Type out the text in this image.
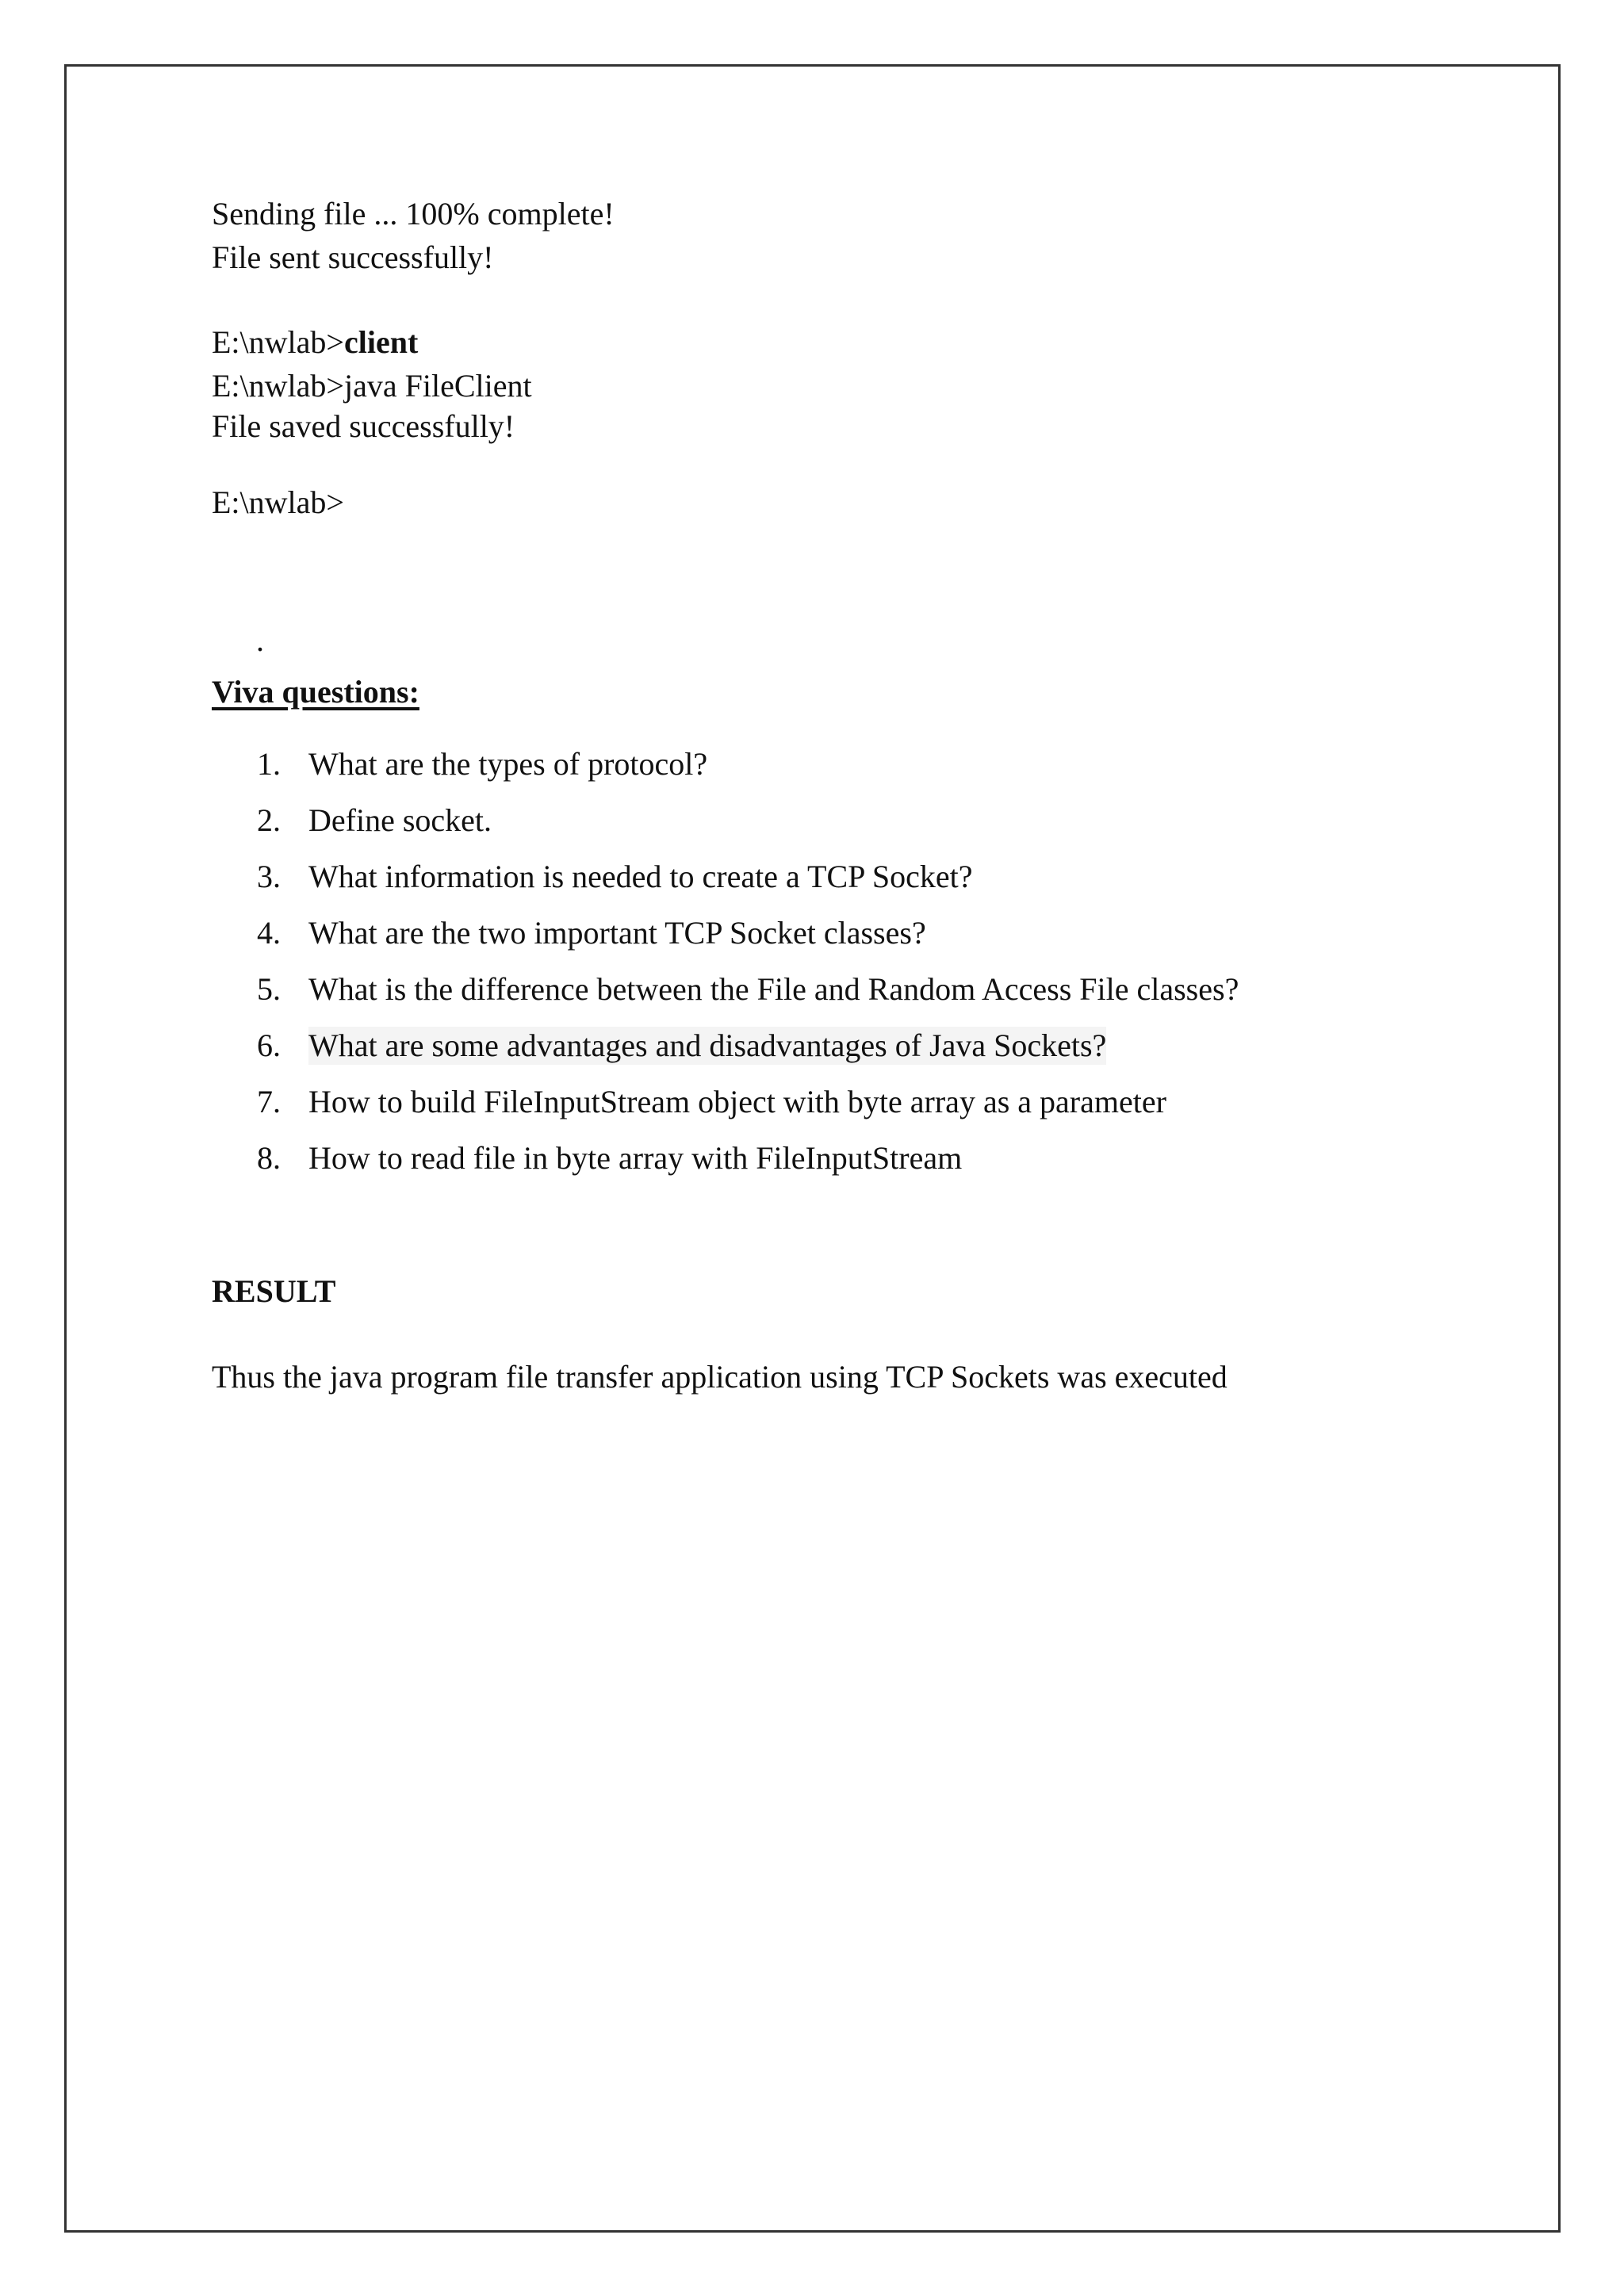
Sending file ... 100% complete!
File sent successfully!
E:\nwlab>client
E:\nwlab>java FileClient
File saved successfully!
E:\nwlab>
.
Viva questions:
1. What are the types of protocol?
2. Define socket.
3. What information is needed to create a TCP Socket?
4. What are the two important TCP Socket classes?
5. What is the difference between the File and Random Access File classes?
6. What are some advantages and disadvantages of Java Sockets?
7. How to build FileInputStream object with byte array as a parameter
8. How to read file in byte array with FileInputStream
RESULT
Thus the java program file transfer application using TCP Sockets was executed
